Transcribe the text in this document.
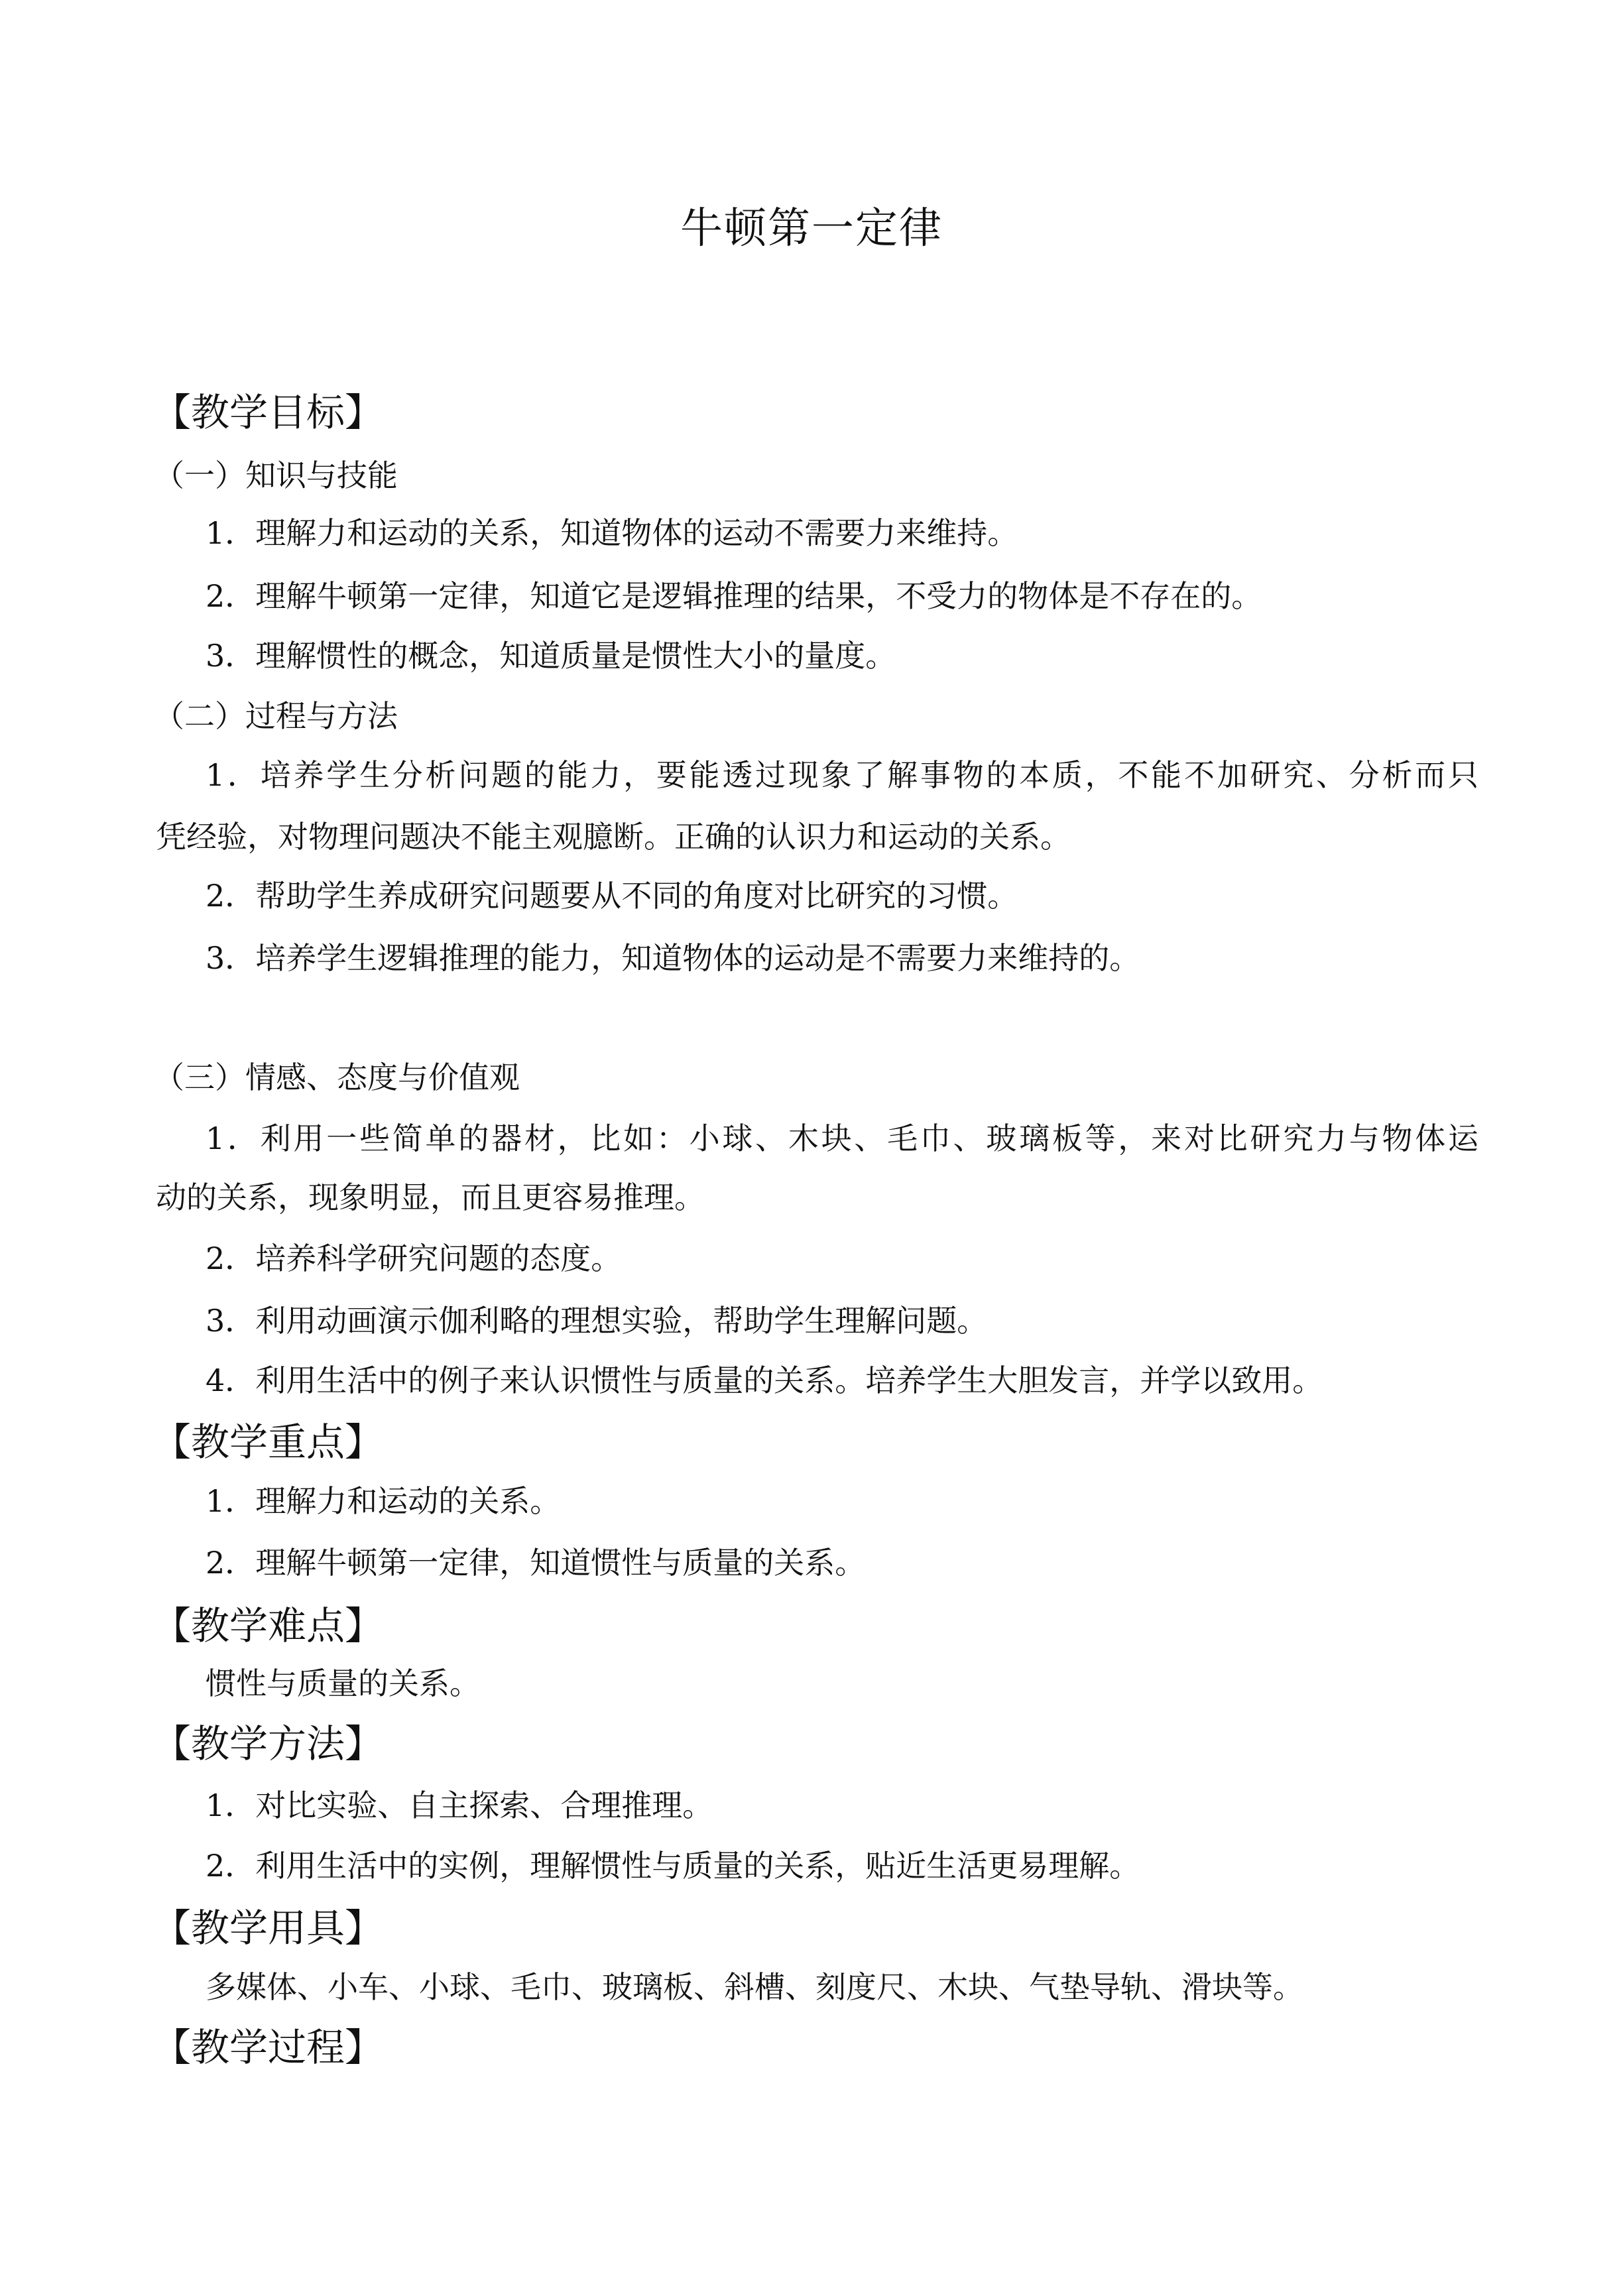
牛顿第一定律
【教学目标】
（一）知识与技能
1．理解力和运动的关系，知道物体的运动不需要力来维持。
2．理解牛顿第一定律，知道它是逻辑推理的结果，不受力的物体是不存在的。
3．理解惯性的概念，知道质量是惯性大小的量度。
（二）过程与方法
1．培养学生分析问题的能力，要能透过现象了解事物的本质，不能不加研究、分析而只
凭经验，对物理问题决不能主观臆断。正确的认识力和运动的关系。
2．帮助学生养成研究问题要从不同的角度对比研究的习惯。
3．培养学生逻辑推理的能力，知道物体的运动是不需要力来维持的。
（三）情感、态度与价值观
1．利用一些简单的器材，比如：小球、木块、毛巾、玻璃板等，来对比研究力与物体运
动的关系，现象明显，而且更容易推理。
2．培养科学研究问题的态度。
3．利用动画演示伽利略的理想实验，帮助学生理解问题。
4．利用生活中的例子来认识惯性与质量的关系。培养学生大胆发言，并学以致用。
【教学重点】
1．理解力和运动的关系。
2．理解牛顿第一定律，知道惯性与质量的关系。
【教学难点】
惯性与质量的关系。
【教学方法】
1．对比实验、自主探索、合理推理。
2．利用生活中的实例，理解惯性与质量的关系，贴近生活更易理解。
【教学用具】
多媒体、小车、小球、毛巾、玻璃板、斜槽、刻度尺、木块、气垫导轨、滑块等。
【教学过程】
